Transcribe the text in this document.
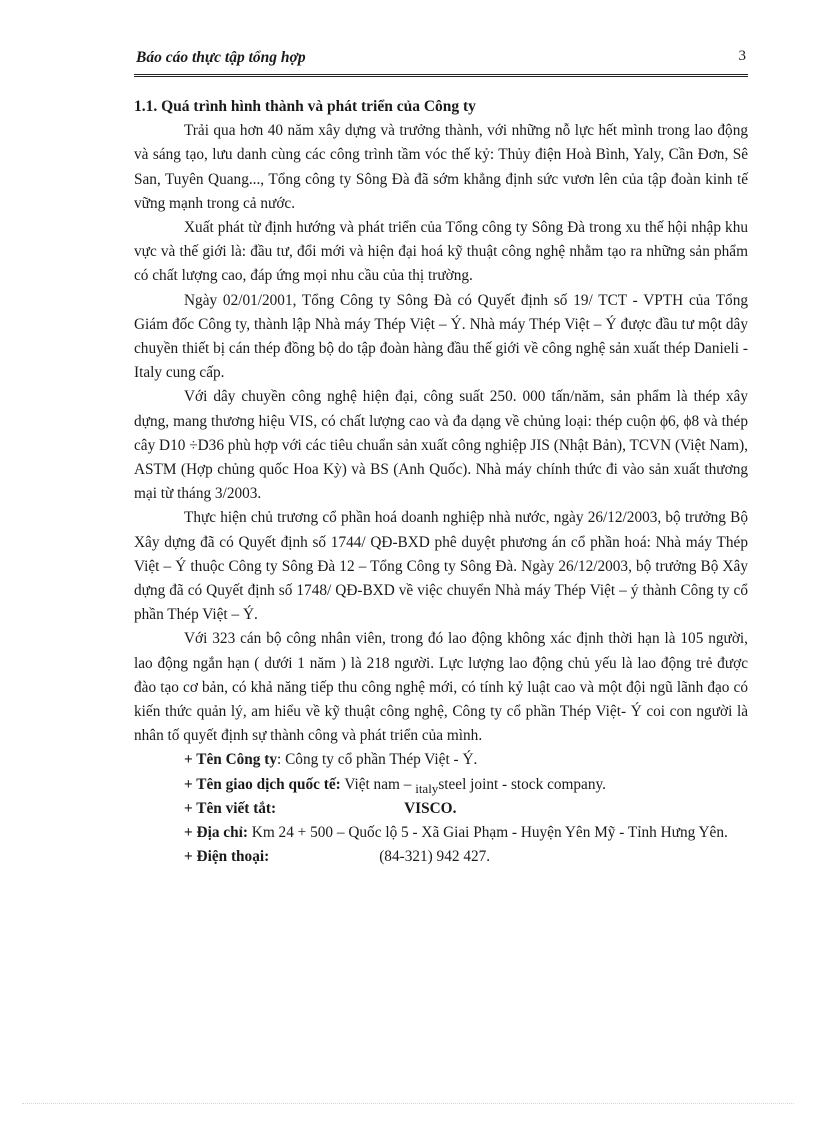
Báo cáo thực tập tổng hợp	3

1.1. Quá trình hình thành và phát triển của Công ty

Trải qua hơn 40 năm xây dựng và trưởng thành, với những nỗ lực hết mình trong lao động và sáng tạo, lưu danh cùng các công trình tầm vóc thế kỷ: Thủy điện Hoà Bình, Yaly, Cần Đơn, Sê San, Tuyên Quang..., Tổng công ty Sông Đà đã sớm khẳng định sức vươn lên của tập đoàn kinh tế vững mạnh trong cả nước.

Xuất phát từ định hướng và phát triển của Tổng công ty Sông Đà trong xu thế hội nhập khu vực và thế giới là: đầu tư, đổi mới và hiện đại hoá kỹ thuật công nghệ nhằm tạo ra những sản phẩm có chất lượng cao, đáp ứng mọi nhu cầu của thị trường.

Ngày 02/01/2001, Tổng Công ty Sông Đà có Quyết định số 19/ TCT - VPTH của Tổng Giám đốc Công ty, thành lập Nhà máy Thép Việt – Ý. Nhà máy Thép Việt – Ý được đầu tư một dây chuyền thiết bị cán thép đồng bộ do tập đoàn hàng đầu thế giới về công nghệ sản xuất thép Danieli - Italy cung cấp.

Với dây chuyền công nghệ hiện đại, công suất 250. 000 tấn/năm, sản phẩm là thép xây dựng, mang thương hiệu VIS, có chất lượng cao và đa dạng về chủng loại: thép cuộn ϕ6, ϕ8 và thép cây D10 ÷D36 phù hợp với các tiêu chuẩn sản xuất công nghiệp JIS (Nhật Bản), TCVN (Việt Nam), ASTM (Hợp chủng quốc Hoa Kỳ) và BS (Anh Quốc). Nhà máy chính thức đi vào sản xuất thương mại từ tháng 3/2003.

Thực hiện chủ trương cổ phần hoá doanh nghiệp nhà nước, ngày 26/12/2003, bộ trưởng Bộ Xây dựng đã có Quyết định số 1744/ QĐ-BXD phê duyệt phương án cổ phần hoá: Nhà máy Thép Việt – Ý thuộc Công ty Sông Đà 12 – Tổng Công ty Sông Đà. Ngày 26/12/2003, bộ trưởng Bộ Xây dựng đã có Quyết định số 1748/ QĐ-BXD về việc chuyển Nhà máy Thép Việt – ý thành Công ty cổ phần Thép Việt – Ý.

Với 323 cán bộ công nhân viên, trong đó lao động không xác định thời hạn là 105 người, lao động ngắn hạn ( dưới 1 năm ) là 218 người. Lực lượng lao động chủ yếu là lao động trẻ được đào tạo cơ bản, có khả năng tiếp thu công nghệ mới, có tính kỷ luật cao và một đội ngũ lãnh đạo có kiến thức quản lý, am hiểu về kỹ thuật công nghệ, Công ty cổ phần Thép Việt- Ý coi con người là nhân tố quyết định sự thành công và phát triển của mình.

+ Tên Công ty: Công ty cổ phần Thép Việt - Ý.

+ Tên giao dịch quốc tế: Việt nam – $_{italy}$steel joint - stock company.

+ Tên viết tắt:	VISCO.

+ Địa chỉ: Km 24 + 500 – Quốc lộ 5 - Xã Giai Phạm - Huyện Yên Mỹ - Tỉnh Hưng Yên.

+ Điện thoại:	(84-321) 942 427.
